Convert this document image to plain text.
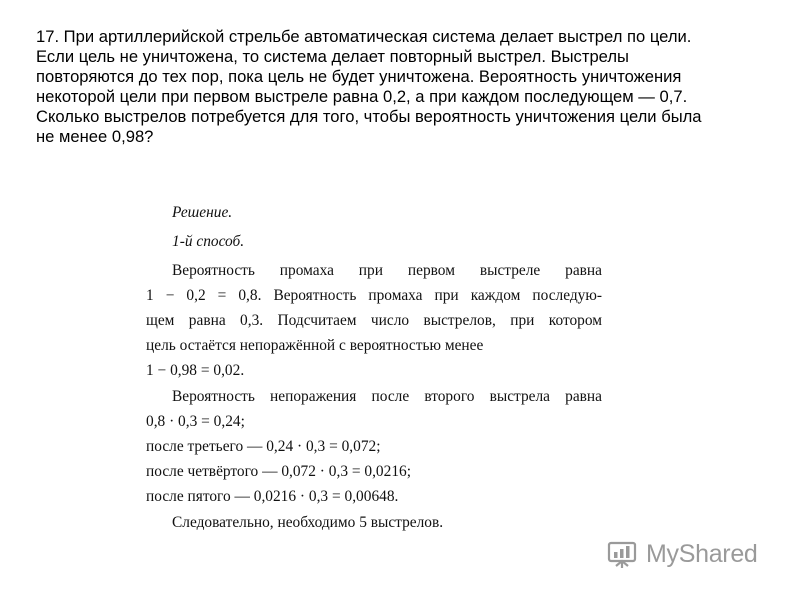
17. При артиллерийской стрельбе автоматическая система делает выстрел по цели.
Если цель не уничтожена, то система делает повторный выстрел. Выстрелы
повторяются до тех пор, пока цель не будет уничтожена. Вероятность уничтожения
некоторой цели при первом выстреле равна 0,2, а при каждом последующем — 0,7.
Сколько выстрелов потребуется для того, чтобы вероятность уничтожения цели была
не менее 0,98?
Решение.
1-й способ.
Вероятность промаха при первом выстреле равна
1 − 0,2 = 0,8. Вероятность промаха при каждом последую-
щем равна 0,3. Подсчитаем число выстрелов, при котором
цель остаётся непоражённой с вероятностью менее
1 − 0,98 = 0,02.
Вероятность непоражения после второго выстрела равна
0,8 · 0,3 = 0,24;
после третьего — 0,24 · 0,3 = 0,072;
после четвёртого — 0,072 · 0,3 = 0,0216;
после пятого — 0,0216 · 0,3 = 0,00648.
Следовательно, необходимо 5 выстрелов.
MyShared
